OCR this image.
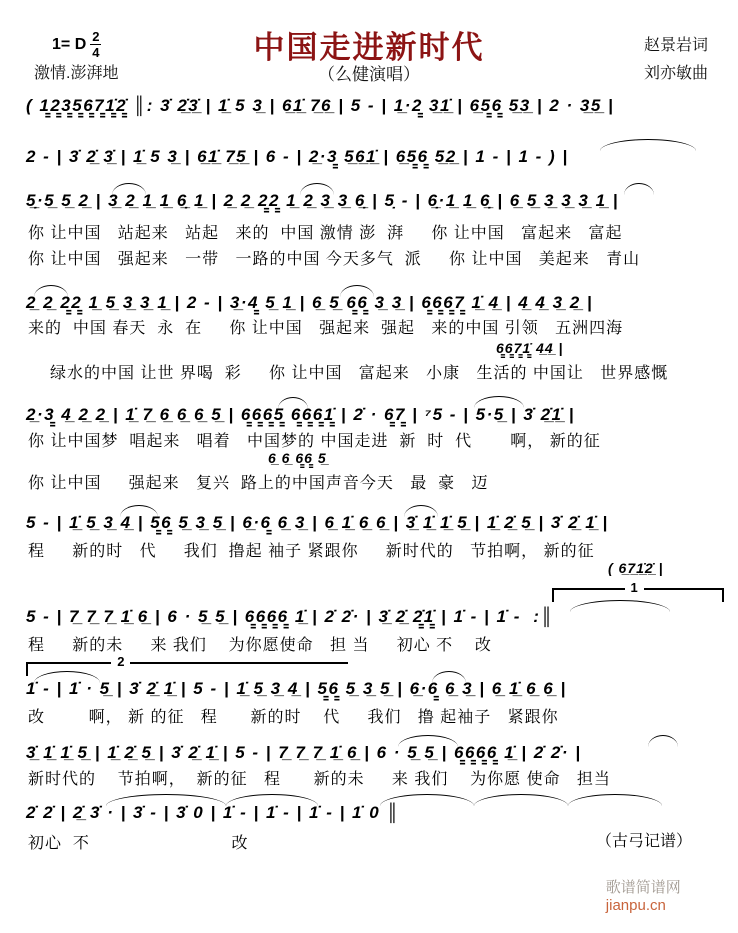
1= D $\frac{2}{4}$
激情.澎湃地
中国走进新时代
（么健演唱）
赵景岩词
刘亦敏曲
( 1̳2̳3̳5̳6̳7̳1̳̇2̳̇ ║: 3̇ 2̲̇3̲̇ | 1̲̇ 5 3̲ | 6̲1̲̇ 7̲6̲ | 5 - | 1̲·2̳ 3̲1̲̇ | 6̲5̳6̳ 5̲3̲ | 2 · 3̲5̲ |
2 - | 3̇ 2̲̇ 3̲̇ | 1̲̇ 5 3̲ | 6̲1̲̇ 7̲5̲ | 6 - | 2̲·3̳ 5̲6̲1̲̇ | 6̲5̳6̳ 5̲2̲ | 1 - | 1 - ) |
5̲̣·5̲ 5̲ 2̲ | 3̲ 2̲ 1̲ 1̲ 6̲̣ 1̲ | 2̲ 2̲ 2̳2̳ 1̲ 2̲ 3̲ 3̲ 6̲̣ | 5̣ - | 6̲̣·1̲ 1̲ 6̲̣ | 6̲ 5̲ 3̲ 3̲ 3̲ 1̲ |
你 让中国   站起来   站起   来的  中国 激情 澎  湃     你 让中国   富起来   富起
你 让中国   强起来   一带   一路的中国 今天多气  派     你 让中国   美起来   青山
2̲ 2̲ 2̳2̳ 1̲ 5̲ 3̲ 3̲ 1̲ | 2 - | 3̲·4̳ 5̲ 1̲ | 6̲ 5̲ 6̳6̳ 3̲ 3̲ | 6̳6̳6̳7̳ 1̲̇ 4̲ | 4̲ 4̲ 3̲ 2̲ |
来的  中国 春天  永  在     你 让中国   强起来  强起   来的中国 引领   五洲四海
6̳6̳7̳1̳̇ 4̲4̲ |
绿水的中国 让世 界喝  彩     你 让中国   富起来   小康   生活的 中国让   世界感慨
2̲·3̳ 4̲ 2̲ 2̲ | 1̲̇ 7̲ 6̲ 6̲ 6̲ 5̲ | 6̳6̳6̳5̳ 6̳6̳6̳1̳̇ | 2̇ · 6̳7̳ | ⁷5 - | 5·5̲ | 3̇ 2̲̇1̲̇ |
你 让中国梦  唱起来   唱着   中国梦的 中国走进  新  时  代       啊， 新的征
6̲ 6̲ 6̳6̳ 5̲
你 让中国     强起来   复兴  路上的中国声音今天   最  豪   迈
5 - | 1̲̇ 5̲ 3̲ 4̲ | 5̳6̳ 5̲ 3̲ 5̲ | 6̲·6̳ 6̲ 3̲ | 6̲ 1̲̇ 6̲ 6̲ | 3̲̇ 1̲̇ 1̲̇ 5̲ | 1̲̇ 2̲̇ 5̲ | 3̇ 2̲̇ 1̲̇ |
程     新的时   代     我们  撸起 袖子 紧跟你     新时代的   节拍啊， 新的征
( 6̲7̲1̲̇2̲̇ |
1
5 - | 7̲ 7̲ 7̲ 1̲̇ 6̲ | 6 · 5̲ 5̲ | 6̳6̳6̳6̳ 1̲̇ | 2̇ 2̇· | 3̲̇ 2̲̇ 2̳̇1̳̇ | 1̇ - | 1̇ -  :║
程     新的未     来 我们    为你愿使命   担 当     初心 不    改
2
1̇ - | 1̇ · 5̲ | 3̇ 2̲̇ 1̲̇ | 5 - | 1̲̇ 5̲ 3̲ 4̲ | 5̳6̳ 5̲ 3̲ 5̲ | 6̲·6̳ 6̲ 3̲ | 6̲ 1̲̇ 6̲ 6̲ |
改        啊， 新 的征   程      新的时    代     我们   撸 起袖子   紧跟你
3̲̇ 1̲̇ 1̲̇ 5̲ | 1̲̇ 2̲̇ 5̲ | 3̇ 2̲̇ 1̲̇ | 5 - | 7̲ 7̲ 7̲ 1̲̇ 6̲ | 6 · 5̲ 5̲ | 6̳6̳6̳6̳ 1̲̇ | 2̇ 2̇· |
新时代的    节拍啊，  新的征   程      新的未     来 我们    为你愿 使命   担当
2̇ 2̇ | 2̲̇ 3̇ · | 3̇ - | 3̇ 0 | 1̇ - | 1̇ - | 1̇ - | 1̇ 0 ║
初心  不                          改	（古弓记谱）

歌谱简谱网
jianpu.cn
